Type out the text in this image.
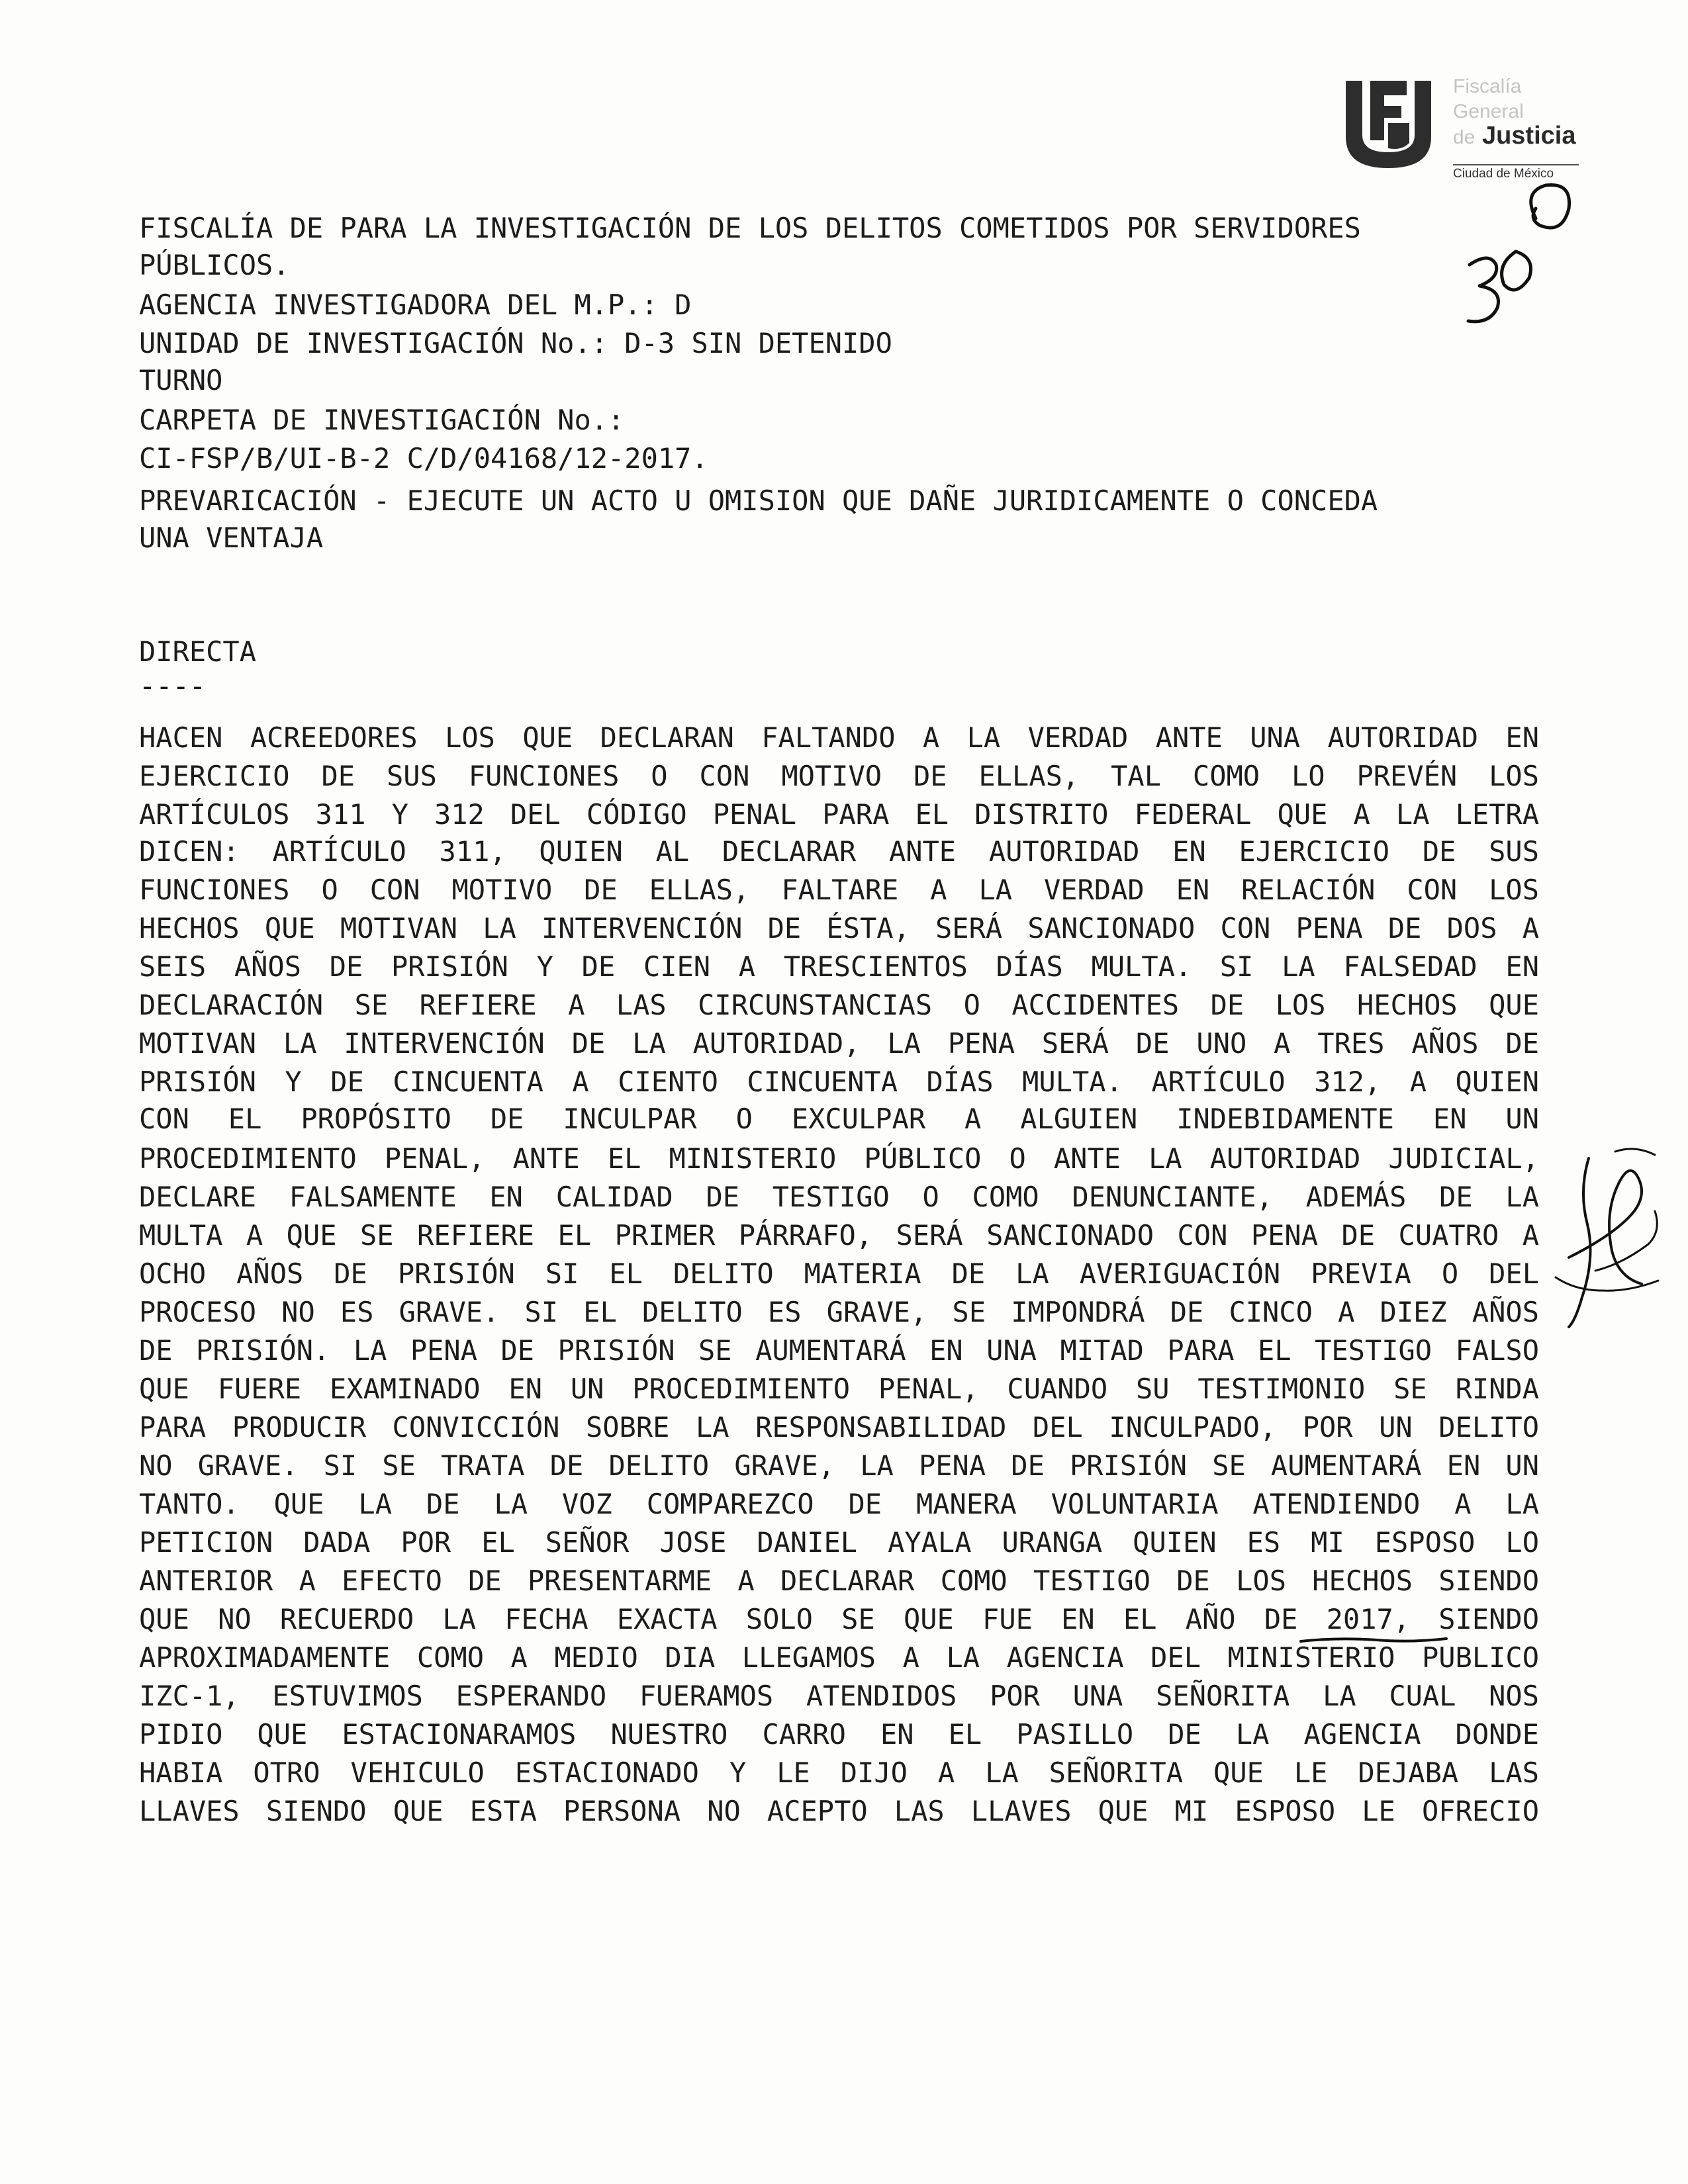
Fiscalía
General
de Justicia
Ciudad de México
FISCALÍA DE PARA LA INVESTIGACIÓN DE LOS DELITOS COMETIDOS POR SERVIDORES
PÚBLICOS.
AGENCIA INVESTIGADORA DEL M.P.: D
UNIDAD DE INVESTIGACIÓN No.: D-3 SIN DETENIDO
TURNO
CARPETA DE INVESTIGACIÓN No.:
CI-FSP/B/UI-B-2 C/D/04168/12-2017.
PREVARICACIÓN - EJECUTE UN ACTO U OMISION QUE DAÑE JURIDICAMENTE O CONCEDA
UNA VENTAJA
DIRECTA
----
HACEN ACREEDORES LOS QUE DECLARAN FALTANDO A LA VERDAD ANTE UNA AUTORIDAD EN
EJERCICIO DE SUS FUNCIONES O CON MOTIVO DE ELLAS, TAL COMO LO PREVÉN LOS
ARTÍCULOS 311 Y 312 DEL CÓDIGO PENAL PARA EL DISTRITO FEDERAL QUE A LA LETRA
DICEN: ARTÍCULO 311, QUIEN AL DECLARAR ANTE AUTORIDAD EN EJERCICIO DE SUS
FUNCIONES O CON MOTIVO DE ELLAS, FALTARE A LA VERDAD EN RELACIÓN CON LOS
HECHOS QUE MOTIVAN LA INTERVENCIÓN DE ÉSTA, SERÁ SANCIONADO CON PENA DE DOS A
SEIS AÑOS DE PRISIÓN Y DE CIEN A TRESCIENTOS DÍAS MULTA. SI LA FALSEDAD EN
DECLARACIÓN SE REFIERE A LAS CIRCUNSTANCIAS O ACCIDENTES DE LOS HECHOS QUE
MOTIVAN LA INTERVENCIÓN DE LA AUTORIDAD, LA PENA SERÁ DE UNO A TRES AÑOS DE
PRISIÓN Y DE CINCUENTA A CIENTO CINCUENTA DÍAS MULTA. ARTÍCULO 312, A QUIEN
CON EL PROPÓSITO DE INCULPAR O EXCULPAR A ALGUIEN INDEBIDAMENTE EN UN
PROCEDIMIENTO PENAL, ANTE EL MINISTERIO PÚBLICO O ANTE LA AUTORIDAD JUDICIAL,
DECLARE FALSAMENTE EN CALIDAD DE TESTIGO O COMO DENUNCIANTE, ADEMÁS DE LA
MULTA A QUE SE REFIERE EL PRIMER PÁRRAFO, SERÁ SANCIONADO CON PENA DE CUATRO A
OCHO AÑOS DE PRISIÓN SI EL DELITO MATERIA DE LA AVERIGUACIÓN PREVIA O DEL
PROCESO NO ES GRAVE. SI EL DELITO ES GRAVE, SE IMPONDRÁ DE CINCO A DIEZ AÑOS
DE PRISIÓN. LA PENA DE PRISIÓN SE AUMENTARÁ EN UNA MITAD PARA EL TESTIGO FALSO
QUE FUERE EXAMINADO EN UN PROCEDIMIENTO PENAL, CUANDO SU TESTIMONIO SE RINDA
PARA PRODUCIR CONVICCIÓN SOBRE LA RESPONSABILIDAD DEL INCULPADO, POR UN DELITO
NO GRAVE. SI SE TRATA DE DELITO GRAVE, LA PENA DE PRISIÓN SE AUMENTARÁ EN UN
TANTO. QUE LA DE LA VOZ COMPAREZCO DE MANERA VOLUNTARIA ATENDIENDO A LA
PETICION DADA POR EL SEÑOR JOSE DANIEL AYALA URANGA QUIEN ES MI ESPOSO LO
ANTERIOR A EFECTO DE PRESENTARME A DECLARAR COMO TESTIGO DE LOS HECHOS SIENDO
QUE NO RECUERDO LA FECHA EXACTA SOLO SE QUE FUE EN EL AÑO DE 2017, SIENDO
APROXIMADAMENTE COMO A MEDIO DIA LLEGAMOS A LA AGENCIA DEL MINISTERIO PUBLICO
IZC-1, ESTUVIMOS ESPERANDO FUERAMOS ATENDIDOS POR UNA SEÑORITA LA CUAL NOS
PIDIO QUE ESTACIONARAMOS NUESTRO CARRO EN EL PASILLO DE LA AGENCIA DONDE
HABIA OTRO VEHICULO ESTACIONADO Y LE DIJO A LA SEÑORITA QUE LE DEJABA LAS
LLAVES SIENDO QUE ESTA PERSONA NO ACEPTO LAS LLAVES QUE MI ESPOSO LE OFRECIO
